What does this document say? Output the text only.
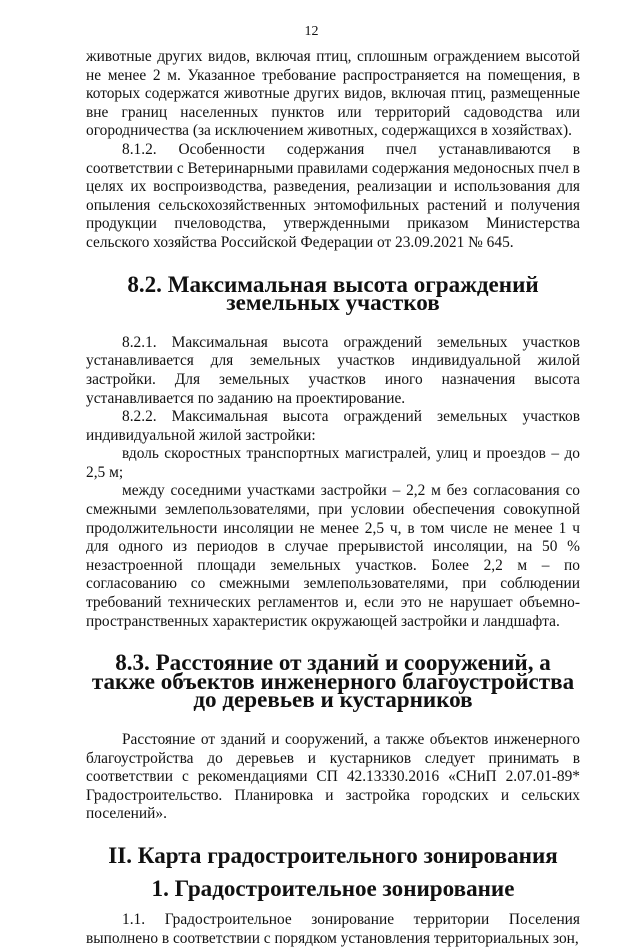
12

животные других видов, включая птиц, сплошным ограждением высотой не менее 2 м. Указанное требование распространяется на помещения, в которых содержатся животные других видов, включая птиц, размещенные вне границ населенных пунктов или территорий садоводства или огородничества (за исключением животных, содержащихся в хозяйствах).

8.1.2. Особенности содержания пчел устанавливаются в соответствии с Ветеринарными правилами содержания медоносных пчел в целях их воспроизводства, разведения, реализации и использования для опыления сельскохозяйственных энтомофильных растений и получения продукции пчеловодства, утвержденными приказом Министерства сельского хозяйства Российской Федерации от 23.09.2021 № 645.

8.2. Максимальная высота ограждений земельных участков

8.2.1. Максимальная высота ограждений земельных участков устанавливается для земельных участков индивидуальной жилой застройки. Для земельных участков иного назначения высота устанавливается по заданию на проектирование.

8.2.2. Максимальная высота ограждений земельных участков индивидуальной жилой застройки:

вдоль скоростных транспортных магистралей, улиц и проездов – до 2,5 м;

между соседними участками застройки – 2,2 м без согласования со смежными землепользователями, при условии обеспечения совокупной продолжительности инсоляции не менее 2,5 ч, в том числе не менее 1 ч для одного из периодов в случае прерывистой инсоляции, на 50 % незастроенной площади земельных участков. Более 2,2 м – по согласованию со смежными землепользователями, при соблюдении требований технических регламентов и, если это не нарушает объемно-пространственных характеристик окружающей застройки и ландшафта.

8.3. Расстояние от зданий и сооружений, а также объектов инженерного благоустройства до деревьев и кустарников

Расстояние от зданий и сооружений, а также объектов инженерного благоустройства до деревьев и кустарников следует принимать в соответствии с рекомендациями СП 42.13330.2016 «СНиП 2.07.01-89* Градостроительство. Планировка и застройка городских и сельских поселений».

II. Карта градостроительного зонирования
1. Градостроительное зонирование

1.1. Градостроительное зонирование территории Поселения выполнено в соответствии с порядком установления территориальных зон,
